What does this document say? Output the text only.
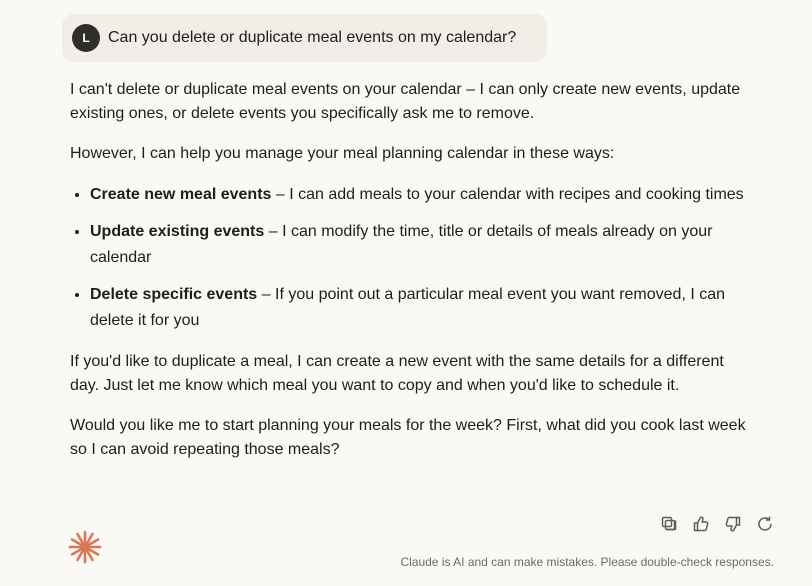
L	Can you delete or duplicate meal events on my calendar?

I can't delete or duplicate meal events on your calendar – I can only create new events, update existing ones, or delete events you specifically ask me to remove.

However, I can help you manage your meal planning calendar in these ways:

• Create new meal events – I can add meals to your calendar with recipes and cooking times
• Update existing events – I can modify the time, title or details of meals already on your calendar
• Delete specific events – If you point out a particular meal event you want removed, I can delete it for you

If you'd like to duplicate a meal, I can create a new event with the same details for a different day. Just let me know which meal you want to copy and when you'd like to schedule it.

Would you like me to start planning your meals for the week? First, what did you cook last week so I can avoid repeating those meals?

Claude is AI and can make mistakes. Please double-check responses.
